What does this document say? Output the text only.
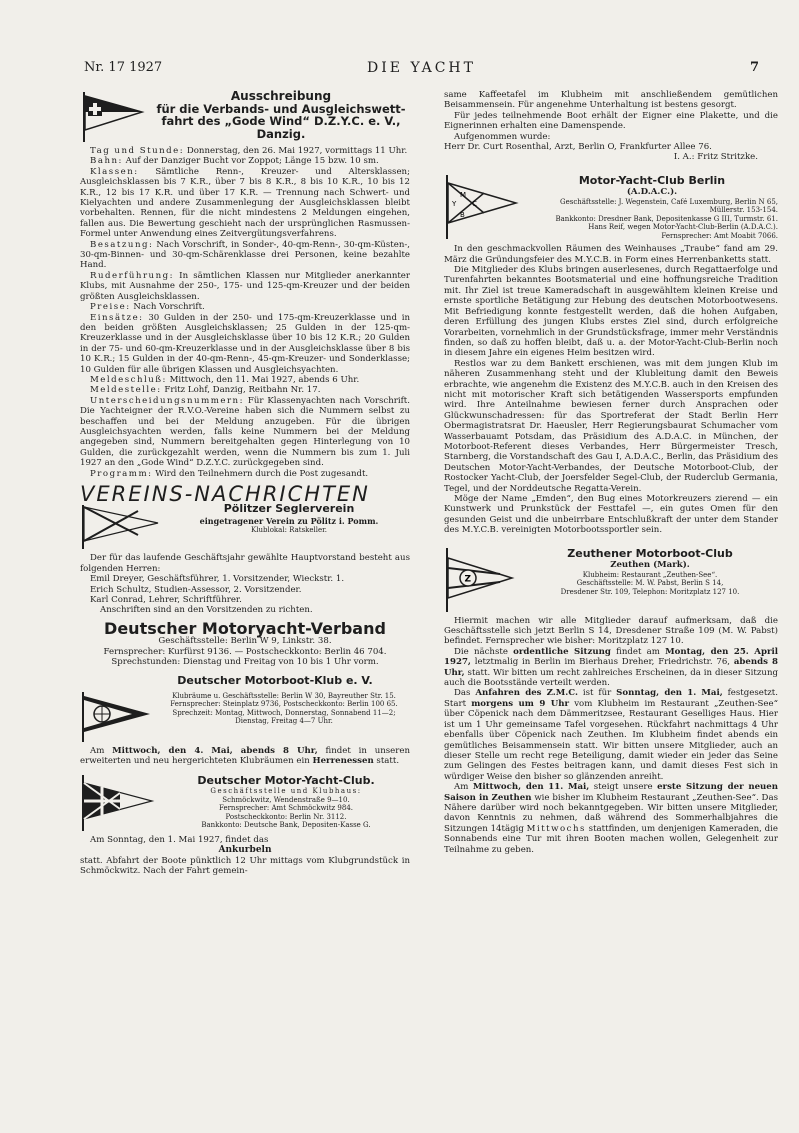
Nr. 17 1927	DIE YACHT	7
Ausschreibung
für die Verbands- und Ausgleichswett-
fahrt des „Gode Wind“ D.Z.Y.C. e. V.,
Danzig.

Tag und Stunde: Donnerstag, den 26. Mai 1927, vormittags 11 Uhr.

Bahn: Auf der Danziger Bucht vor Zoppot; Länge 15 bzw. 10 sm.

Klassen: Sämtliche Renn-, Kreuzer- und Altersklassen; Ausgleichsklassen bis 7 K.R., über 7 bis 8 K.R., 8 bis 10 K.R., 10 bis 12 K.R., 12 bis 17 K.R. und über 17 K.R. — Trennung nach Schwert- und Kielyachten und andere Zusammenlegung der Ausgleichsklassen bleibt vorbehalten. Rennen, für die nicht mindestens 2 Meldungen eingehen, fallen aus. Die Bewertung geschieht nach der ursprünglichen Rasmussen-Formel unter Anwendung eines Zeitvergütungsverfahrens.

Besatzung: Nach Vorschrift, in Sonder-, 40-qm-Renn-, 30-qm-Küsten-, 30-qm-Binnen- und 30-qm-Schärenklasse drei Personen, keine bezahlte Hand.

Ruderführung: In sämtlichen Klassen nur Mitglieder anerkannter Klubs, mit Ausnahme der 250-, 175- und 125-qm-Kreuzer und der beiden größten Ausgleichsklassen.

Preise: Nach Vorschrift.

Einsätze: 30 Gulden in der 250- und 175-qm-Kreuzerklasse und in den beiden größten Ausgleichsklassen; 25 Gulden in der 125-qm-Kreuzerklasse und in der Ausgleichsklasse über 10 bis 12 K.R.; 20 Gulden in der 75- und 60-qm-Kreuzerklasse und in der Ausgleichsklasse über 8 bis 10 K.R.; 15 Gulden in der 40-qm-Renn-, 45-qm-Kreuzer- und Sonderklasse; 10 Gulden für alle übrigen Klassen und Ausgleichsyachten.

Meldeschluß: Mittwoch, den 11. Mai 1927, abends 6 Uhr.

Meldestelle: Fritz Lohf, Danzig, Reitbahn Nr. 17.

Unterscheidungsnummern: Für Klassenyachten nach Vorschrift. Die Yachteigner der R.V.O.-Vereine haben sich die Nummern selbst zu beschaffen und bei der Meldung anzugeben. Für die übrigen Ausgleichsyachten werden, falls keine Nummern bei der Meldung angegeben sind, Nummern bereitgehalten gegen Hinterlegung von 10 Gulden, die zurückgezahlt werden, wenn die Nummern bis zum 1. Juli 1927 an den „Gode Wind“ D.Z.Y.C. zurückgegeben sind.

Programm: Wird den Teilnehmern durch die Post zugesandt.

VEREINS-NACHRICHTEN
Pölitzer Seglerverein
eingetragener Verein zu Pölitz i. Pomm.
Klublokal: Ratskeller.

Der für das laufende Geschäftsjahr gewählte Hauptvorstand besteht aus folgenden Herren:

Emil Dreyer, Geschäftsführer, 1. Vorsitzender, Wieckstr. 1.

Erich Schultz, Studien-Assessor, 2. Vorsitzender.

Karl Conrad, Lehrer, Schriftführer.

Anschriften sind an den Vorsitzenden zu richten.

Deutscher Motoryacht-Verband
Geschäftsstelle: Berlin W 9, Linkstr. 38.
Fernsprecher: Kurfürst 9136. — Postscheckkonto: Berlin 46 704.
Sprechstunden: Dienstag und Freitag von 10 bis 1 Uhr vorm.
Deutscher Motorboot-Klub e. V.
Klubräume u. Geschäftsstelle: Berlin W 30, Bayreuther Str. 15.
Fernsprecher: Steinplatz 9736, Postscheckkonto: Berlin 100 65.
Sprechzeit: Montag, Mittwoch, Donnerstag, Sonnabend 11—2;
Dienstag, Freitag 4—7 Uhr.

Am Mittwoch, den 4. Mai, abends 8 Uhr, findet in unseren erweiterten und neu hergerichteten Klubräumen ein Herrenessen statt.

Deutscher Motor-Yacht-Club.
Geschäftsstelle und Klubhaus:
Schmöckwitz, Wendenstraße 9—10.
Fernsprecher: Amt Schmöckwitz 984.
Postscheckkonto: Berlin Nr. 3112.
Bankkonto: Deutsche Bank, Depositen-Kasse G.

Am Sonntag, den 1. Mai 1927, findet das

Ankurbeln

statt. Abfahrt der Boote pünktlich 12 Uhr mittags vom Klubgrundstück in Schmöckwitz. Nach der Fahrt gemein-

same Kaffeetafel im Klubheim mit anschließendem gemütlichen Beisammensein. Für angenehme Unterhaltung ist bestens gesorgt.

Für jedes teilnehmende Boot erhält der Eigner eine Plakette, und die Eignerinnen erhalten eine Damenspende.

Aufgenommen wurde:

Herr Dr. Curt Rosenthal, Arzt, Berlin O, Frankfurter Allee 76.

I. A.: Fritz Stritzke.
M
Y C
B
Motor-Yacht-Club Berlin
(A.D.A.C.).
Geschäftsstelle: J. Wegenstein, Café Luxemburg, Berlin N 65, Müllerstr. 153-154.
Bankkonto: Dresdner Bank, Depositenkasse G III, Turmstr. 61.
Hans Reif, wegen Motor-Yacht-Club-Berlin (A.D.A.C.).
Fernsprecher: Amt Moabit 7066.

In den geschmackvollen Räumen des Weinhauses „Traube“ fand am 29. März die Gründungsfeier des M.Y.C.B. in Form eines Herrenbanketts statt.

Die Mitglieder des Klubs bringen auserlesenes, durch Regattaerfolge und Turenfahrten bekanntes Bootsmaterial und eine hoffnungsreiche Tradition mit. Ihr Ziel ist treue Kameradschaft in ausgewähltem kleinen Kreise und ernste sportliche Betätigung zur Hebung des deutschen Motorbootwesens. Mit Befriedigung konnte festgestellt werden, daß die hohen Aufgaben, deren Erfüllung des jungen Klubs erstes Ziel sind, durch erfolgreiche Vorarbeiten, vornehmlich in der Grundstücksfrage, immer mehr Verständnis finden, so daß zu hoffen bleibt, daß u. a. der Motor-Yacht-Club-Berlin noch in diesem Jahre ein eigenes Heim besitzen wird.

Restlos war zu dem Bankett erschienen, was mit dem jungen Klub im näheren Zusammenhang steht und der Klubleitung damit den Beweis erbrachte, wie angenehm die Existenz des M.Y.C.B. auch in den Kreisen des nicht mit motorischer Kraft sich betätigenden Wassersports empfunden wird. Ihre Anteilnahme bewiesen ferner durch Ansprachen oder Glückwunschadressen: für das Sportreferat der Stadt Berlin Herr Obermagistratsrat Dr. Haeusler, Herr Regierungsbaurat Schumacher vom Wasserbauamt Potsdam, das Präsidium des A.D.A.C. in München, der Motorboot-Referent dieses Verbandes, Herr Bürgermeister Tresch, Starnberg, die Vorstandschaft des Gau I, A.D.A.C., Berlin, das Präsidium des Deutschen Motor-Yacht-Verbandes, der Deutsche Motorboot-Club, der Rostocker Yacht-Club, der Joersfelder Segel-Club, der Ruderclub Germania, Tegel, und der Norddeutsche Regatta-Verein.

Möge der Name „Emden“, den Bug eines Motorkreuzers zierend — ein Kunstwerk und Prunkstück der Festtafel —, ein gutes Omen für den gesunden Geist und die unbeirrbare Entschlußkraft der unter dem Stander des M.Y.C.B. vereinigten Motorbootssportler sein.

Z
Zeuthener Motorboot-Club
Zeuthen (Mark).
Klubheim: Restaurant „Zeuthen-See“.
Geschäftsstelle: M. W. Pabst, Berlin S 14,
Dresdener Str. 109, Telephon: Moritzplatz 127 10.

Hiermit machen wir alle Mitglieder darauf aufmerksam, daß die Geschäftsstelle sich jetzt Berlin S 14, Dresdener Straße 109 (M. W. Pabst) befindet. Fernsprecher wie bisher: Moritzplatz 127 10.

Die nächste ordentliche Sitzung findet am Montag, den 25. April 1927, letztmalig in Berlin im Bierhaus Dreher, Friedrichstr. 76, abends 8 Uhr, statt. Wir bitten um recht zahlreiches Erscheinen, da in dieser Sitzung auch die Bootsstände verteilt werden.

Das Anfahren des Z.M.C. ist für Sonntag, den 1. Mai, festgesetzt. Start morgens um 9 Uhr vom Klubheim im Restaurant „Zeuthen-See“ über Cöpenick nach dem Dämmeritzsee, Restaurant Geselliges Haus. Hier ist um 1 Uhr gemeinsame Tafel vorgesehen. Rückfahrt nachmittags 4 Uhr ebenfalls über Cöpenick nach Zeuthen. Im Klubheim findet abends ein gemütliches Beisammensein statt. Wir bitten unsere Mitglieder, auch an dieser Stelle um recht rege Beteiligung, damit wieder ein jeder das Seine zum Gelingen des Festes beitragen kann, und damit dieses Fest sich in würdiger Weise den bisher so glänzenden anreiht.

Am Mittwoch, den 11. Mai, steigt unsere erste Sitzung der neuen Saison in Zeuthen wie bisher im Klubheim Restaurant „Zeuthen-See“. Das Nähere darüber wird noch bekanntgegeben. Wir bitten unsere Mitglieder, davon Kenntnis zu nehmen, daß während des Sommerhalbjahres die Sitzungen 14tägig Mittwochs stattfinden, um denjenigen Kameraden, die Sonnabends eine Tur mit ihren Booten machen wollen, Gelegenheit zur Teilnahme zu geben.
